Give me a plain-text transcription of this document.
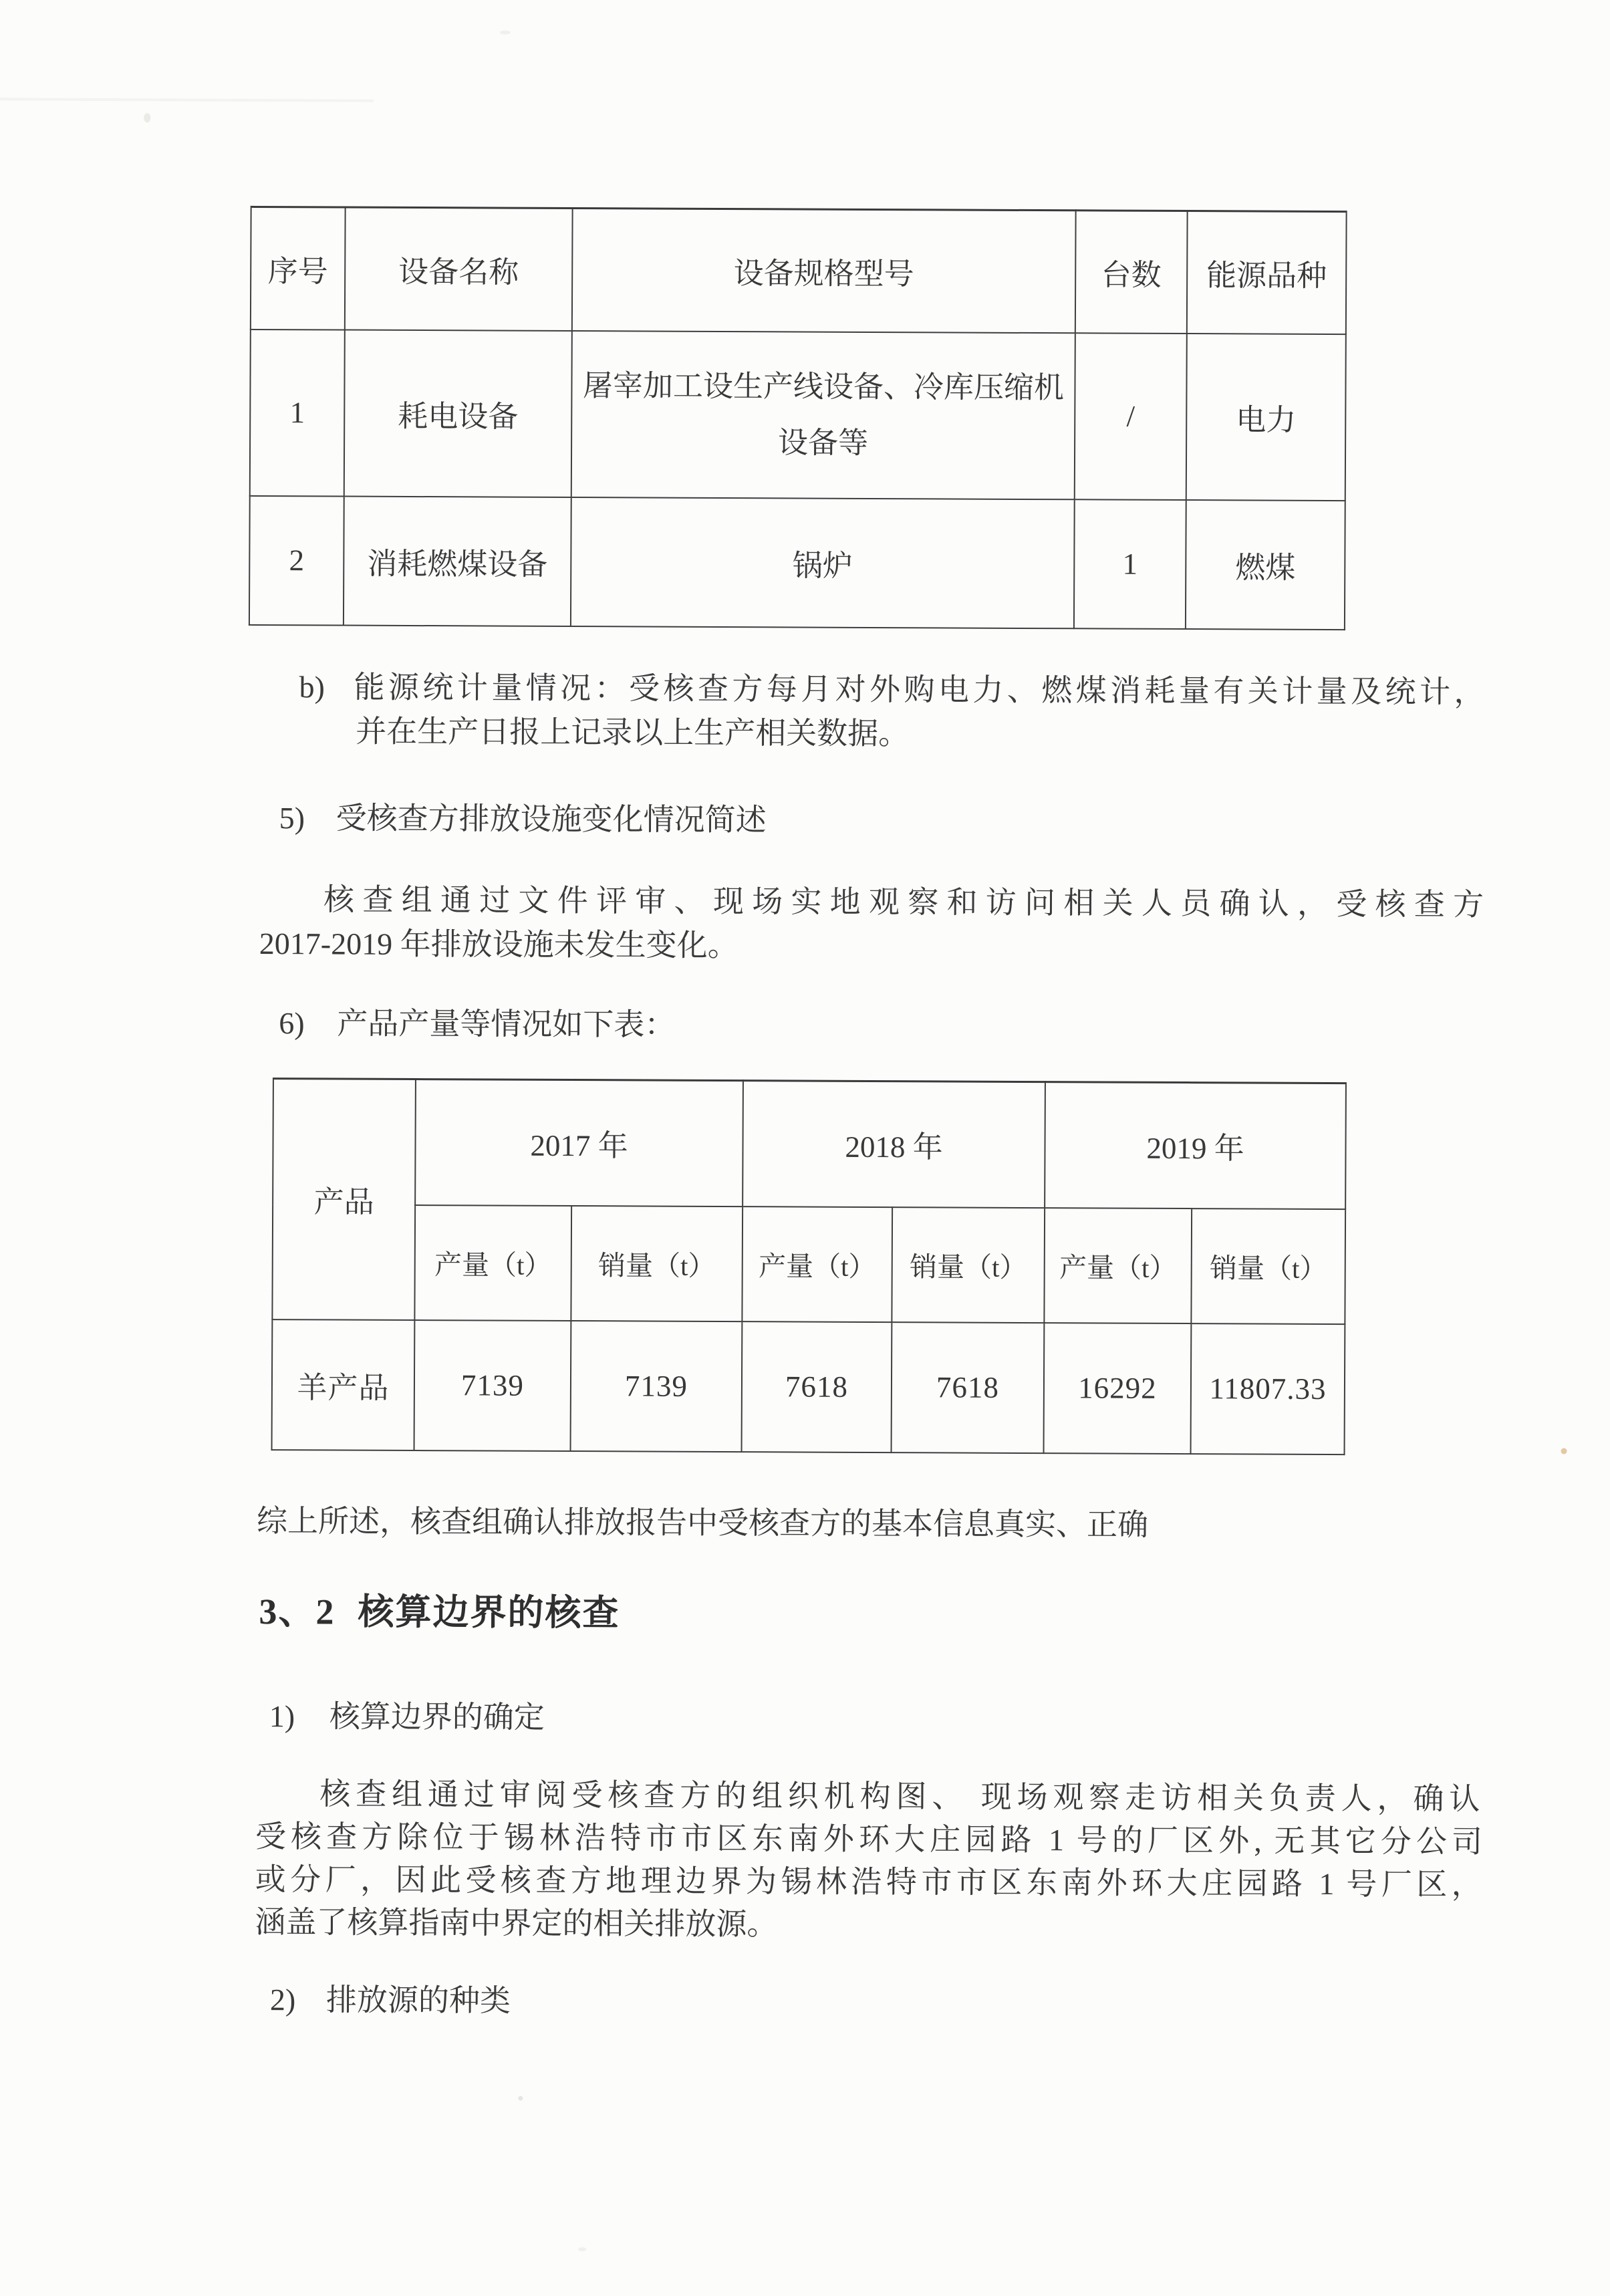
序号	设备名称	设备规格型号	台数	能源品种
1	耗电设备	屠宰加工设生产线设备、冷库压缩机设备等	/	电力
2	消耗燃煤设备	锅炉	1	燃煤
b) 能源统计量情况：受核查方每月对外购电力、燃煤消耗量有关计量及统计，
并在生产日报上记录以上生产相关数据。
5) 受核查方排放设施变化情况简述
核查组通过文件评审、现场实地观察和访问相关人员确认，受核查方
2017-2019 年排放设施未发生变化。
6) 产品产量等情况如下表：
产品	2017 年		2018 年		2019 年	
	产量（t）	销量（t）	产量（t）	销量（t）	产量（t）	销量（t）
羊产品	7139	7139	7618	7618	16292	11807.33
综上所述，核查组确认排放报告中受核查方的基本信息真实、正确
3、2 核算边界的核查
1) 核算边界的确定
核查组通过审阅受核查方的组织机构图、 现场观察走访相关负责人，确认
受核查方除位于锡林浩特市市区东南外环大庄园路 1 号的厂区外, 无其它分公司
或分厂，因此受核查方地理边界为锡林浩特市市区东南外环大庄园路 1 号厂区，
涵盖了核算指南中界定的相关排放源。
2) 排放源的种类
